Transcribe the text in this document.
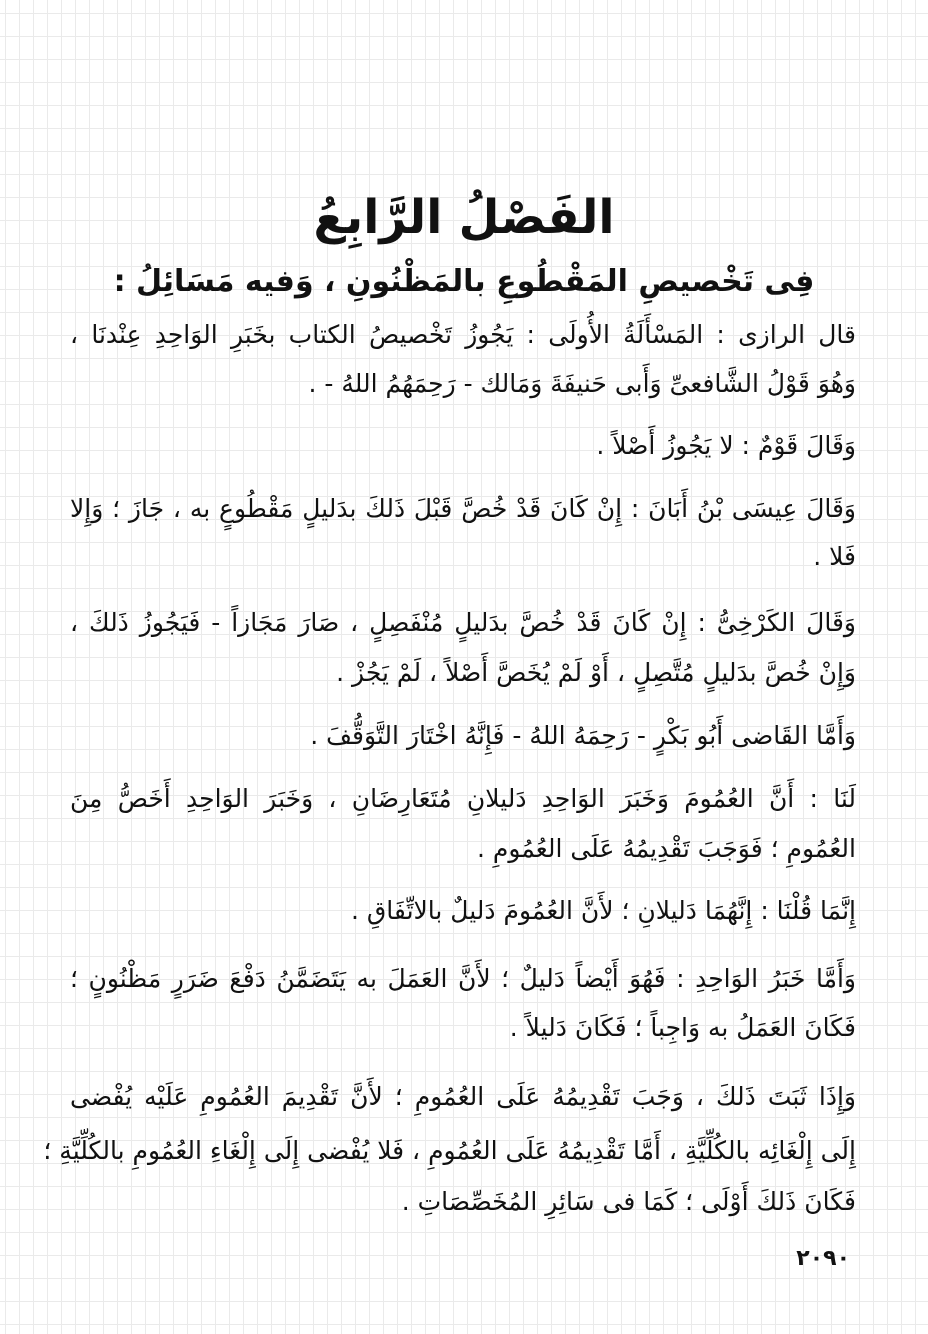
الفَصْلُ الرَّابِعُ
فِى تَخْصيصِ المَقْطُوعِ بالمَظْنُونِ ، وَفيه مَسَائِلُ :
قال الرازى : المَسْأَلَةُ الأُولَى : يَجُوزُ تَخْصيصُ الكتاب بخَبَرِ الوَاحِدِ عِنْدنَا ،
وَهُوَ قَوْلُ الشَّافعىِّ وَأَبى حَنيفَةَ وَمَالك - رَحِمَهُمُ اللهُ - .
وَقَالَ قَوْمٌ : لا يَجُوزُ أَصْلاً .
وَقَالَ عِيسَى بْنُ أَبَانَ : إِنْ كَانَ قَدْ خُصَّ قَبْلَ ذَلكَ بدَليلٍ مَقْطُوعٍ به ، جَازَ ؛ وَإِلا
فَلا .
وَقَالَ الكَرْخِىُّ : إِنْ كَانَ قَدْ خُصَّ بدَليلٍ مُنْفَصِلٍ ، صَارَ مَجَازاً - فَيَجُوزُ ذَلكَ ،
وَإِنْ خُصَّ بدَليلٍ مُتَّصِلٍ ، أَوْ لَمْ يُخَصَّ أَصْلاً ، لَمْ يَجُزْ .
وَأَمَّا القَاضى أَبُو بَكْرٍ - رَحِمَهُ اللهُ - فَإِنَّهُ اخْتَارَ التَّوَقُّفَ .
لَنَا : أَنَّ العُمُومَ وَخَبَرَ الوَاحِدِ دَليلانِ مُتَعَارِضَانِ ، وَخَبَرَ الوَاحِدِ أَخَصُّ مِنَ
العُمُومِ ؛ فَوَجَبَ تَقْدِيمُهُ عَلَى العُمُومِ .
إِنَّمَا قُلْنَا : إِنَّهُمَا دَليلانِ ؛ لأَنَّ العُمُومَ دَليلٌ بالاتِّفَاقِ .
وَأَمَّا خَبَرُ الوَاحِدِ : فَهُوَ أَيْضاً دَليلٌ ؛ لأَنَّ العَمَلَ به يَتَضَمَّنُ دَفْعَ ضَرَرٍ مَظْنُونٍ ؛
فَكَانَ العَمَلُ به وَاجِباً ؛ فَكَانَ دَليلاً .
وَإِذَا ثَبَتَ ذَلكَ ، وَجَبَ تَقْدِيمُهُ عَلَى العُمُومِ ؛ لأَنَّ تَقْدِيمَ العُمُومِ عَلَيْه يُفْضى
إِلَى إِلْغَائِه بالكُلِّيَّةِ ، أَمَّا تَقْدِيمُهُ عَلَى العُمُومِ ، فَلا يُفْضى إِلَى إِلْغَاءِ العُمُومِ بالكُلِّيَّةِ ؛
فَكَانَ ذَلكَ أَوْلَى ؛ كَمَا فى سَائِرِ المُخَصِّصَاتِ .
٢٠٩٠
